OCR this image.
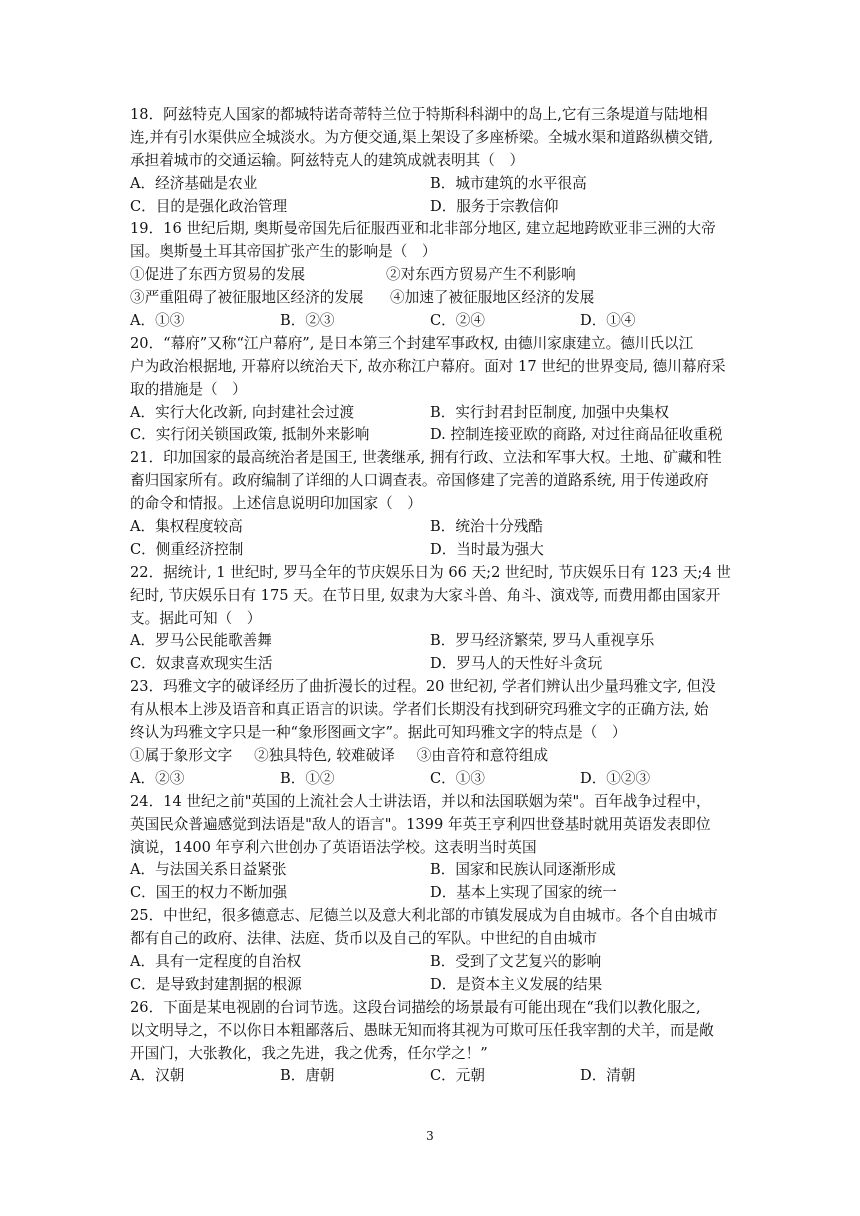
18．阿兹特克人国家的都城特诺奇蒂特兰位于特斯科科湖中的岛上,它有三条堤道与陆地相
连,并有引水渠供应全城淡水。为方便交通,渠上架设了多座桥梁。全城水渠和道路纵横交错,
承担着城市的交通运输。阿兹特克人的建筑成就表明其（　）
A．经济基础是农业	B．城市建筑的水平很高
C．目的是强化政治管理	D．服务于宗教信仰
19．16 世纪后期, 奥斯曼帝国先后征服西亚和北非部分地区, 建立起地跨欧亚非三洲的大帝
国。奥斯曼土耳其帝国扩张产生的影响是（　）
①促进了东西方贸易的发展	②对东西方贸易产生不利影响
③严重阻碍了被征服地区经济的发展	④加速了被征服地区经济的发展
A．①③	B．②③	C．②④	D．①④
20．“幕府”又称“江户幕府”, 是日本第三个封建军事政权, 由德川家康建立。德川氏以江
户为政治根据地, 开幕府以统治天下, 故亦称江户幕府。面对 17 世纪的世界变局, 德川幕府采
取的措施是（　）
A．实行大化改新, 向封建社会过渡	B．实行封君封臣制度, 加强中央集权
C．实行闭关锁国政策, 抵制外来影响	D. 控制连接亚欧的商路, 对过往商品征收重税
21．印加国家的最高统治者是国王, 世袭继承, 拥有行政、立法和军事大权。土地、矿藏和牲
畜归国家所有。政府编制了详细的人口调查表。帝国修建了完善的道路系统, 用于传递政府
的命令和情报。上述信息说明印加国家（　）
A．集权程度较高	B．统治十分残酷
C．侧重经济控制	D．当时最为强大
22．据统计, 1 世纪时, 罗马全年的节庆娱乐日为 66 天;2 世纪时, 节庆娱乐日有 123 天;4 世
纪时, 节庆娱乐日有 175 天。在节日里, 奴隶为大家斗兽、角斗、演戏等, 而费用都由国家开
支。据此可知（　）
A．罗马公民能歌善舞	B．罗马经济繁荣, 罗马人重视享乐
C．奴隶喜欢现实生活	D．罗马人的天性好斗贪玩
23．玛雅文字的破译经历了曲折漫长的过程。20 世纪初, 学者们辨认出少量玛雅文字, 但没
有从根本上涉及语音和真正语言的识读。学者们长期没有找到研究玛雅文字的正确方法, 始
终认为玛雅文字只是一种“象形图画文字”。据此可知玛雅文字的特点是（　）
①属于象形文字 ②独具特色, 较难破译 ③由音符和意符组成
A．②③	B．①②	C．①③	D．①②③
24．14 世纪之前"英国的上流社会人士讲法语，并以和法国联姻为荣"。百年战争过程中，
英国民众普遍感觉到法语是"敌人的语言"。1399 年英王亨利四世登基时就用英语发表即位
演说，1400 年亨利六世创办了英语语法学校。这表明当时英国
A．与法国关系日益紧张	B．国家和民族认同逐渐形成
C．国王的权力不断加强	D．基本上实现了国家的统一
25．中世纪，很多德意志、尼德兰以及意大利北部的市镇发展成为自由城市。各个自由城市
都有自己的政府、法律、法庭、货币以及自己的军队。中世纪的自由城市
A．具有一定程度的自治权	B．受到了文艺复兴的影响
C．是导致封建割据的根源	D．是资本主义发展的结果
26．下面是某电视剧的台词节选。这段台词描绘的场景最有可能出现在“我们以教化服之,
以文明导之，不以你日本粗鄙落后、愚昧无知而将其视为可欺可压任我宰割的犬羊，而是敞
开国门，大张教化，我之先进，我之优秀，任尔学之！”
A．汉朝	B．唐朝	C．元朝	D．清朝
3
